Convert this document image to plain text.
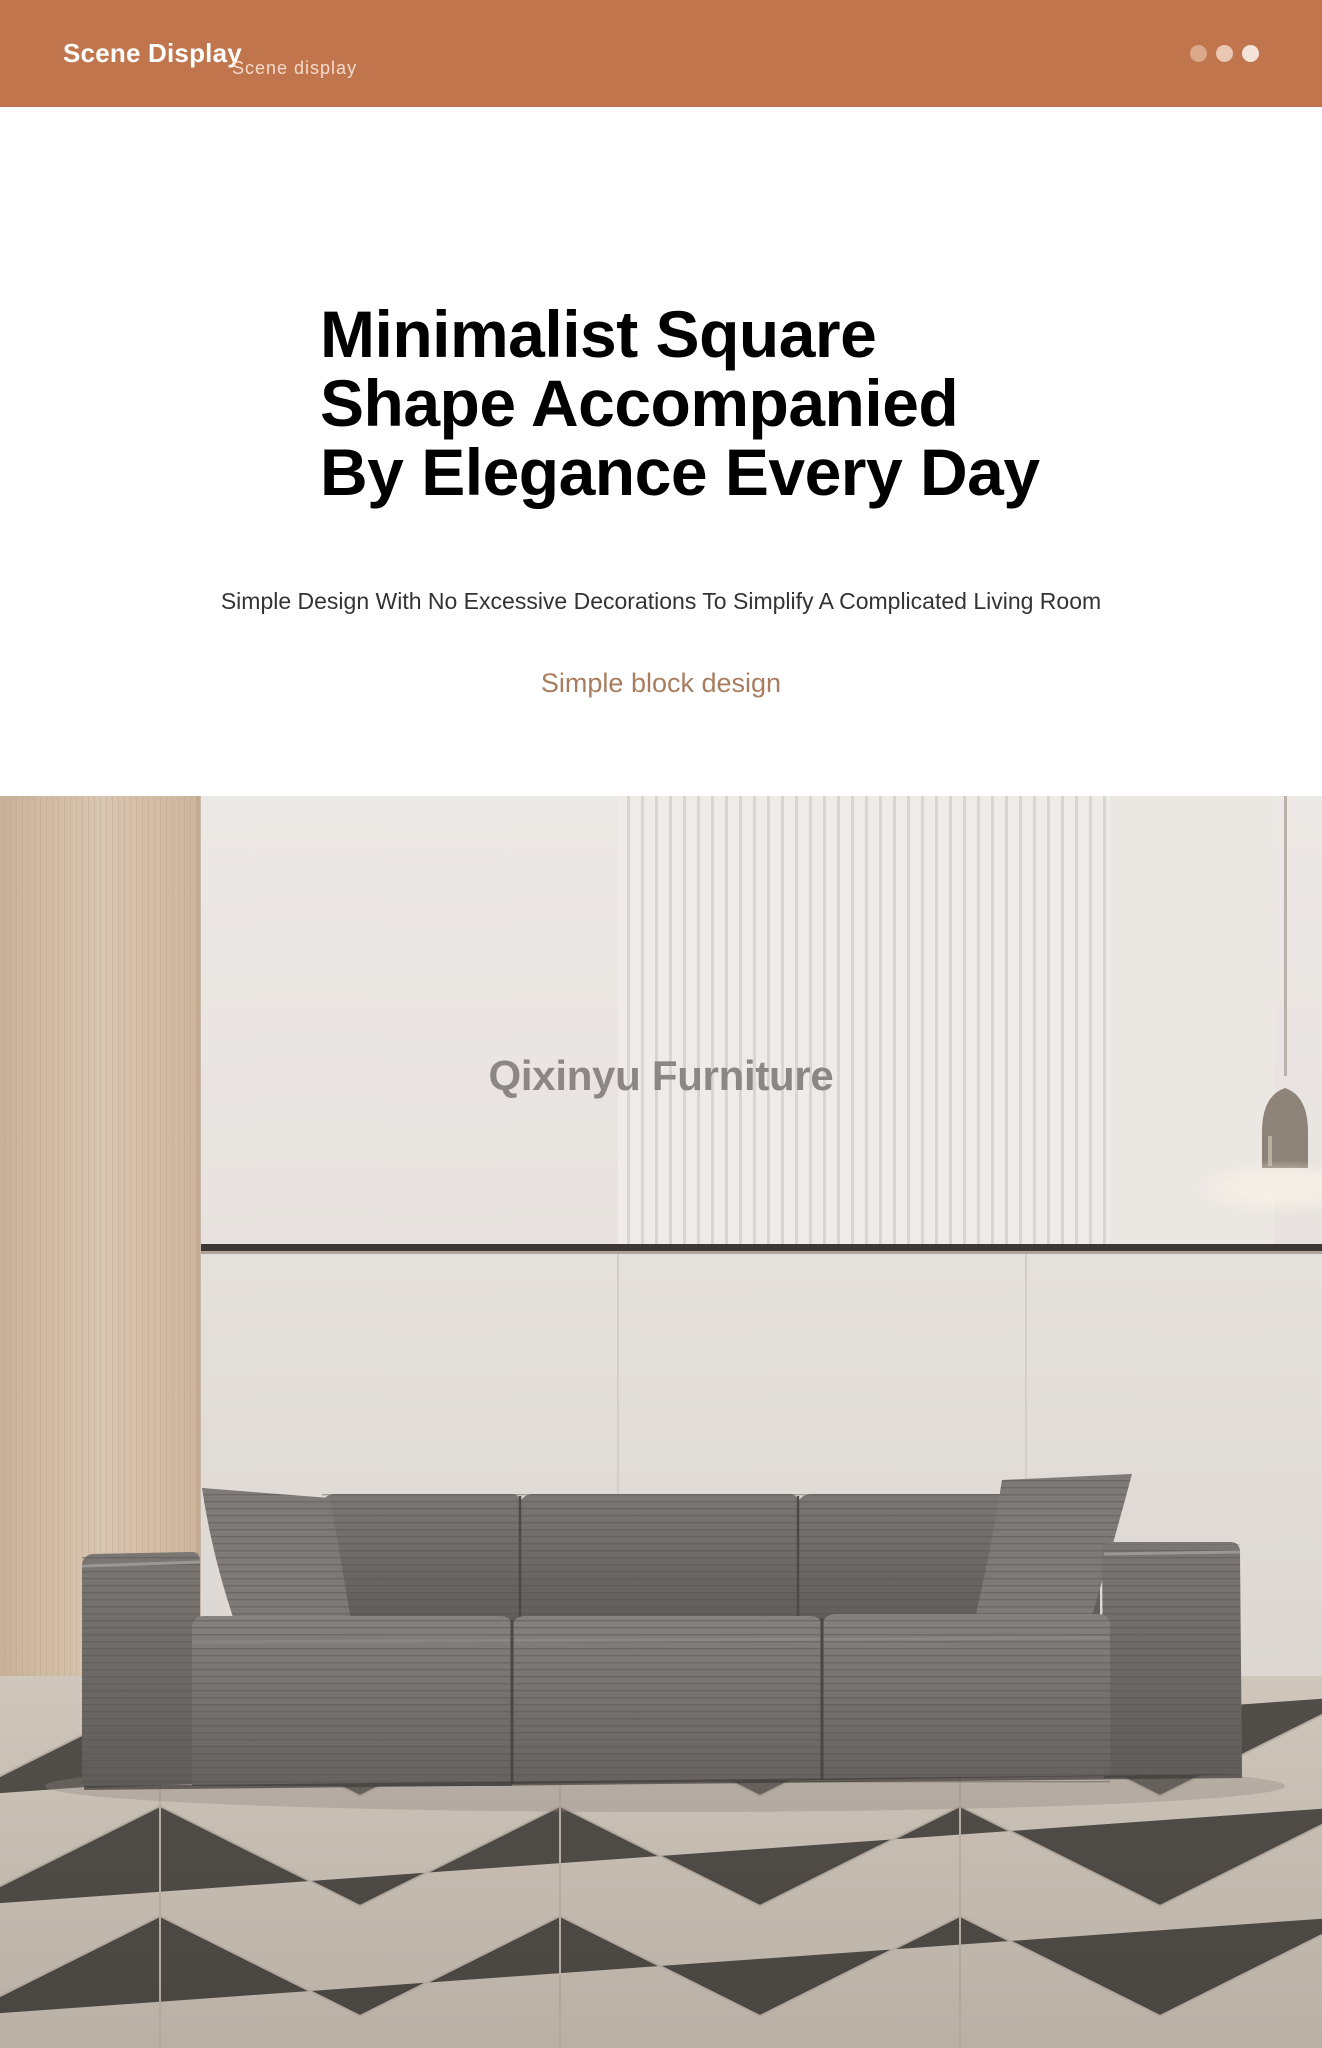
Scene Display
Scene display
Minimalist Square
Shape Accompanied
By Elegance Every Day
Simple Design With No Excessive Decorations To Simplify A Complicated Living Room
Simple block design
Qixinyu Furniture
